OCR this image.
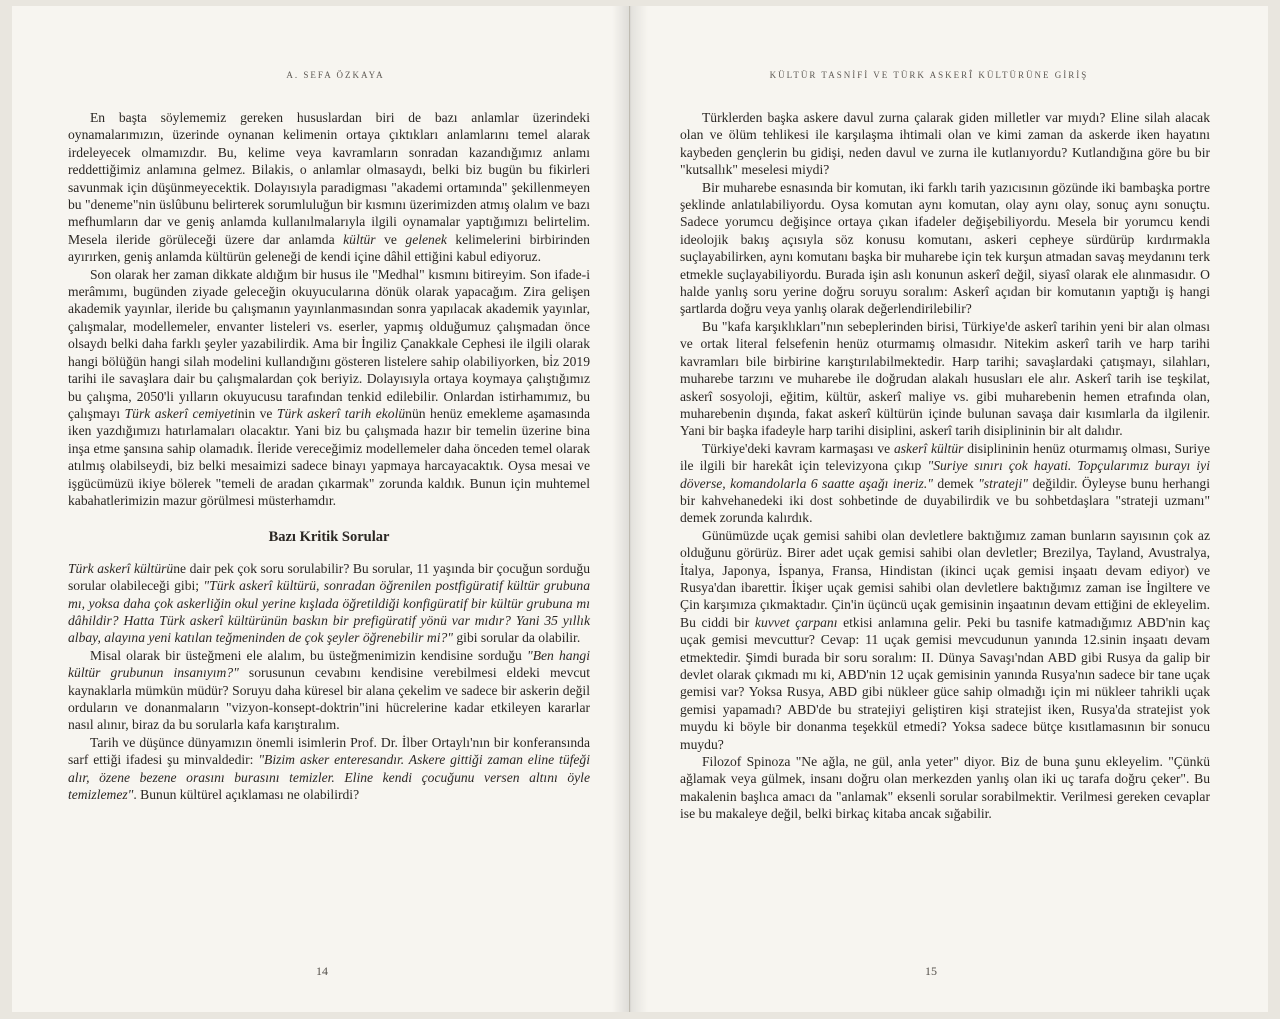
A. SEFA ÖZKAYA

En başta söylememiz gereken hususlardan biri de bazı anlamlar üzerindeki oynamalarımızın, üzerinde oynanan kelimenin ortaya çıktıkları anlamlarını temel alarak irdeleyecek olmamızdır. Bu, kelime veya kavramların sonradan kazandığımız anlamı reddettiğimiz anlamına gelmez. Bilakis, o anlamlar olmasaydı, belki biz bugün bu fikirleri savunmak için düşünmeyecektik. Dolayısıyla paradigması "akademi ortamında" şekillenmeyen bu "deneme"nin üslûbunu belirterek sorumluluğun bir kısmını üzerimizden atmış olalım ve bazı mefhumların dar ve geniş anlamda kullanılmalarıyla ilgili oynamalar yaptığımızı belirtelim. Mesela ileride görüleceği üzere dar anlamda kültür ve gelenek kelimelerini birbirinden ayırırken, geniş anlamda kültürün geleneği de kendi içine dâhil ettiğini kabul ediyoruz.

Son olarak her zaman dikkate aldığım bir husus ile "Medhal" kısmını bitireyim. Son ifade-i merâmımı, bugünden ziyade geleceğin okuyucularına dönük olarak yapacağım. Zira gelişen akademik yayınlar, ileride bu çalışmanın yayınlanmasından sonra yapılacak akademik yayınlar, çalışmalar, modellemeler, envanter listeleri vs. eserler, yapmış olduğumuz çalışmadan önce olsaydı belki daha farklı şeyler yazabilirdik. Ama bir İngiliz Çanakkale Cephesi ile ilgili olarak hangi bölüğün hangi silah modelini kullandığını gösteren listelere sahip olabiliyorken, bi̇z 2019 tarihi ile savaşlara dair bu çalışmalardan çok beriyiz. Dolayısıyla ortaya koymaya çalıştığımız bu çalışma, 2050'li yılların okuyucusu tarafından tenkid edilebilir. Onlardan istirhamımız, bu çalışmayı Türk askerî cemiyetinin ve Türk askerî tarih ekolünün henüz emekleme aşamasında iken yazdığımızı hatırlamaları olacaktır. Yani biz bu çalışmada hazır bir temelin üzerine bina inşa etme şansına sahip olamadık. İleride vereceğimiz modellemeler daha önceden temel olarak atılmış olabilseydi, biz belki mesaimizi sadece binayı yapmaya harcayacaktık. Oysa mesai ve işgücümüzü ikiye bölerek "temeli de aradan çıkarmak" zorunda kaldık. Bunun için muhtemel kabahatlerimizin mazur görülmesi müsterhamdır.

Bazı Kritik Sorular

Türk askerî kültürüne dair pek çok soru sorulabilir? Bu sorular, 11 yaşında bir çocuğun sorduğu sorular olabileceği gibi; "Türk askerî kültürü, sonradan öğrenilen postfigüratif kültür grubuna mı, yoksa daha çok askerliğin okul yerine kışlada öğretildiği konfigüratif bir kültür grubuna mı dâhildir? Hatta Türk askerî kültürünün baskın bir prefigüratif yönü var mıdır? Yani 35 yıllık albay, alayına yeni katılan teğmeninden de çok şeyler öğrenebilir mi?" gibi sorular da olabilir.

Misal olarak bir üsteğmeni ele alalım, bu üsteğmenimizin kendisine sorduğu "Ben hangi kültür grubunun insanıyım?" sorusunun cevabını kendisine verebilmesi eldeki mevcut kaynaklarla mümkün müdür? Soruyu daha küresel bir alana çekelim ve sadece bir askerin değil orduların ve donanmaların "vizyon-konsept-doktrin"ini hücrelerine kadar etkileyen kararlar nasıl alınır, biraz da bu sorularla kafa karıştıralım.

Tarih ve düşünce dünyamızın önemli isimlerin Prof. Dr. İlber Ortaylı'nın bir konferansında sarf ettiği ifadesi şu minvaldedir: "Bizim asker enteresandır. Askere gittiği zaman eline tüfeği alır, özene bezene orasını burasını temizler. Eline kendi çocuğunu versen altını öyle temizlemez". Bunun kültürel açıklaması ne olabilirdi?

14
KÜLTÜR TASNİFİ VE TÜRK ASKERÎ KÜLTÜRÜNE GİRİŞ

Türklerden başka askere davul zurna çalarak giden milletler var mıydı? Eline silah alacak olan ve ölüm tehlikesi ile karşılaşma ihtimali olan ve kimi zaman da askerde iken hayatını kaybeden gençlerin bu gidişi, neden davul ve zurna ile kutlanıyordu? Kutlandığına göre bu bir "kutsallık" meselesi miydi?

Bir muharebe esnasında bir komutan, iki farklı tarih yazıcısının gözünde iki bambaşka portre şeklinde anlatılabiliyordu. Oysa komutan aynı komutan, olay aynı olay, sonuç aynı sonuçtu. Sadece yorumcu değişince ortaya çıkan ifadeler değişebiliyordu. Mesela bir yorumcu kendi ideolojik bakış açısıyla söz konusu komutanı, askeri cepheye sürdürüp kırdırmakla suçlayabilirken, aynı komutanı başka bir muharebe için tek kurşun atmadan savaş meydanını terk etmekle suçlayabiliyordu. Burada işin aslı konunun askerî değil, siyasî olarak ele alınmasıdır. O halde yanlış soru yerine doğru soruyu soralım: Askerî açıdan bir komutanın yaptığı iş hangi şartlarda doğru veya yanlış olarak değerlendirilebilir?

Bu "kafa karşıklıkları"nın sebeplerinden birisi, Türkiye'de askerî tarihin yeni bir alan olması ve ortak literal felsefenin henüz oturmamış olmasıdır. Nitekim askerî tarih ve harp tarihi kavramları bile birbirine karıştırılabilmektedir. Harp tarihi; savaşlardaki çatışmayı, silahları, muharebe tarzını ve muharebe ile doğrudan alakalı hususları ele alır. Askerî tarih ise teşkilat, askerî sosyoloji, eğitim, kültür, askerî maliye vs. gibi muharebenin hemen etrafında olan, muharebenin dışında, fakat askerî kültürün içinde bulunan savaşa dair kısımlarla da ilgilenir. Yani bir başka ifadeyle harp tarihi disiplini, askerî tarih disiplininin bir alt dalıdır.

Türkiye'deki kavram karmaşası ve askerî kültür disiplininin henüz oturmamış olması, Suriye ile ilgili bir harekât için televizyona çıkıp "Suriye sınırı çok hayati. Topçularımız burayı iyi döverse, komandolarla 6 saatte aşağı ineriz." demek "strateji" değildir. Öyleyse bunu herhangi bir kahvehanedeki iki dost sohbetinde de duyabilirdik ve bu sohbetdaşlara "strateji uzmanı" demek zorunda kalırdık.

Günümüzde uçak gemisi sahibi olan devletlere baktığımız zaman bunların sayısının çok az olduğunu görürüz. Birer adet uçak gemisi sahibi olan devletler; Brezilya, Tayland, Avustralya, İtalya, Japonya, İspanya, Fransa, Hindistan (ikinci uçak gemisi inşaatı devam ediyor) ve Rusya'dan ibarettir. İkişer uçak gemisi sahibi olan devletlere baktığımız zaman ise İngiltere ve Çin karşımıza çıkmaktadır. Çin'in üçüncü uçak gemisinin inşaatının devam ettiğini de ekleyelim. Bu ciddi bir kuvvet çarpanı etkisi anlamına gelir. Peki bu tasnife katmadığımız ABD'nin kaç uçak gemisi mevcuttur? Cevap: 11 uçak gemisi mevcudunun yanında 12.sinin inşaatı devam etmektedir. Şimdi burada bir soru soralım: II. Dünya Savaşı'ndan ABD gibi Rusya da galip bir devlet olarak çıkmadı mı ki, ABD'nin 12 uçak gemisinin yanında Rusya'nın sadece bir tane uçak gemisi var? Yoksa Rusya, ABD gibi nükleer güce sahip olmadığı için mi nükleer tahrikli uçak gemisi yapamadı? ABD'de bu stratejiyi geliştiren kişi stratejist iken, Rusya'da stratejist yok muydu ki böyle bir donanma teşekkül etmedi? Yoksa sadece bütçe kısıtlamasının bir sonucu muydu?

Filozof Spinoza "Ne ağla, ne gül, anla yeter" diyor. Biz de buna şunu ekleyelim. "Çünkü ağlamak veya gülmek, insanı doğru olan merkezden yanlış olan iki uç tarafa doğru çeker". Bu makalenin başlıca amacı da "anlamak" eksenli sorular sorabilmektir. Verilmesi gereken cevaplar ise bu makaleye değil, belki birkaç kitaba ancak sığabilir.

15
